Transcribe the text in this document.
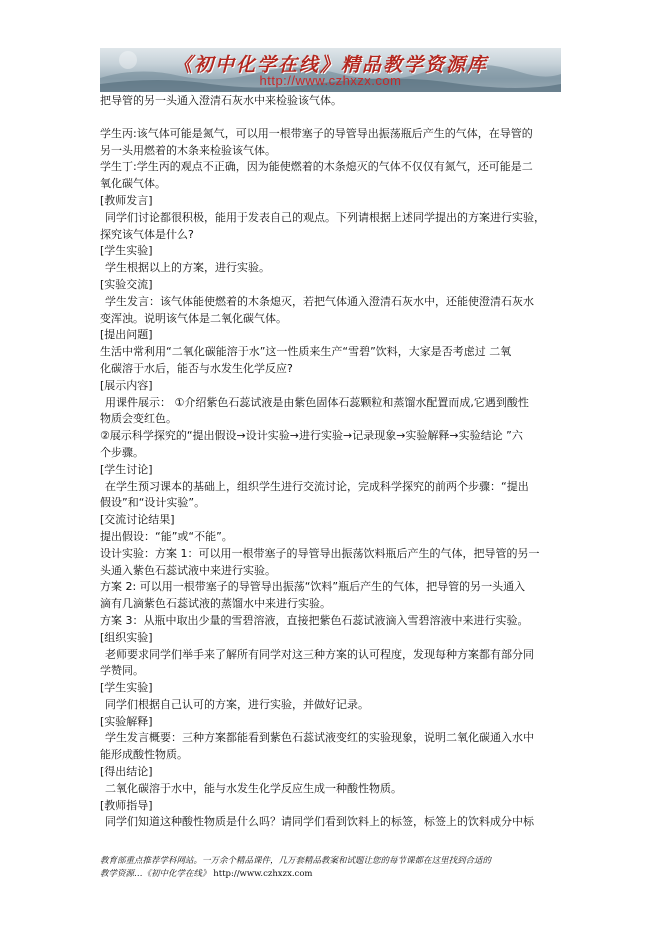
《初中化学在线》精品教学资源库
http://www.czhxzx.com

把导管的另一头通入澄清石灰水中来检验该气体。

学生丙:该气体可能是氮气，可以用一根带塞子的导管导出振荡瓶后产生的气体，在导管的

另一头用燃着的木条来检验该气体。

学生丁:学生丙的观点不正确，因为能使燃着的木条熄灭的气体不仅仅有氮气，还可能是二

氧化碳气体。

[教师发言]

同学们讨论都很积极，能用于发表自己的观点。下列请根据上述同学提出的方案进行实验，

探究该气体是什么?

[学生实验]

学生根据以上的方案，进行实验。

[实验交流]

学生发言：该气体能使燃着的木条熄灭，若把气体通入澄清石灰水中，还能使澄清石灰水

变浑浊。说明该气体是二氧化碳气体。

[提出问题]

生活中常利用“二氧化碳能溶于水”这一性质来生产“雪碧”饮料，大家是否考虑过 二氧

化碳溶于水后，能否与水发生化学反应?

[展示内容]

用课件展示： ①介绍紫色石蕊试液是由紫色固体石蕊颗粒和蒸馏水配置而成,它遇到酸性

物质会变红色。

②展示科学探究的“提出假设→设计实验→进行实验→记录现象→实验解释→实验结论 ”六

个步骤。

[学生讨论]

在学生预习课本的基础上，组织学生进行交流讨论，完成科学探究的前两个步骤：“提出

假设”和“设计实验”。

[交流讨论结果]

提出假设：“能”或“不能”。

设计实验：方案 1：可以用一根带塞子的导管导出振荡饮料瓶后产生的气体，把导管的另一

头通入紫色石蕊试液中来进行实验。

方案 2: 可以用一根带塞子的导管导出振荡“饮料”瓶后产生的气体，把导管的另一头通入

滴有几滴紫色石蕊试液的蒸馏水中来进行实验。

方案 3：从瓶中取出少量的雪碧溶液，直接把紫色石蕊试液滴入雪碧溶液中来进行实验。

[组织实验]

老师要求同学们举手来了解所有同学对这三种方案的认可程度，发现每种方案都有部分同

学赞同。

[学生实验]

同学们根据自己认可的方案，进行实验，并做好记录。

[实验解释]

学生发言概要：三种方案都能看到紫色石蕊试液变红的实验现象，说明二氧化碳通入水中

能形成酸性物质。

[得出结论]

二氧化碳溶于水中，能与水发生化学反应生成一种酸性物质。

[教师指导]

同学们知道这种酸性物质是什么吗？请同学们看到饮料上的标签，标签上的饮料成分中标

教育部重点推荐学科网站。一万余个精品课件，几万套精品教案和试题让您的每节课都在这里找到合适的
教学资源…《初中化学在线》 http://www.czhxzx.com
